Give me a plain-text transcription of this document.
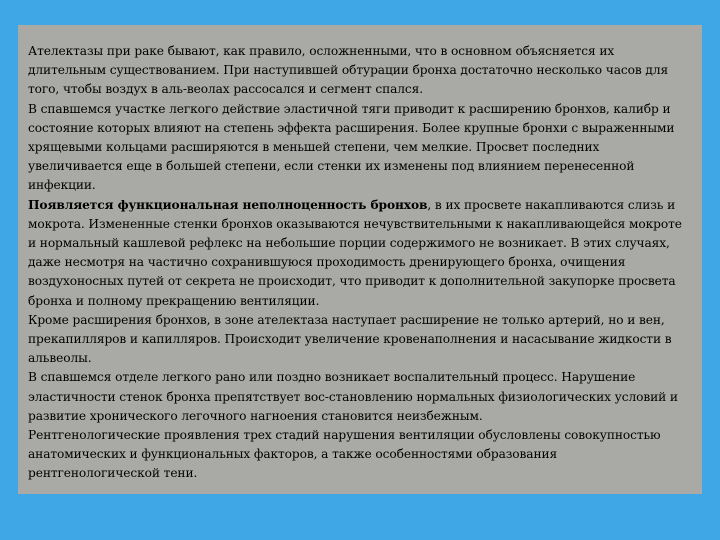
Ателектазы при раке бывают, как правило, осложненными, что в основном объясняется их длительным существованием. При наступившей обтурации бронха достаточно несколько часов для того, чтобы воздух в аль-веолах рассосался и сегмент спался.

В спавшемся участке легкого действие эластичной тяги приводит к расширению бронхов, калибр и состояние которых влияют на степень эффекта расширения. Более крупные бронхи с выраженными хрящевыми кольцами расширяются в меньшей степени, чем мелкие. Просвет последних увеличивается еще в большей степени, если стенки их изменены под влиянием перенесенной инфекции.

Появляется функциональная неполноценность бронхов, в их просвете накапливаются слизь и мокрота. Измененные стенки бронхов оказываются нечувствительными к накапливающейся мокроте и нормальный кашлевой рефлекс на небольшие порции содержимого не возникает. В этих случаях, даже несмотря на частично сохранившуюся проходимость дренирующего бронха, очищения воздухоносных путей от секрета не происходит, что приводит к дополнительной закупорке просвета бронха и полному прекращению вентиляции.

Кроме расширения бронхов, в зоне ателектаза наступает расширение не только артерий, но и вен, прекапилляров и капилляров. Происходит увеличение кровенаполнения и насасывание жидкости в альвеолы.

В спавшемся отделе легкого рано или поздно возникает воспалительный процесс. Нарушение эластичности стенок бронха препятствует вос-становлению нормальных физиологических условий и развитие хронического легочного нагноения становится неизбежным.

Рентгенологические проявления трех стадий нарушения вентиляции обусловлены совокупностью анатомических и функциональных факторов, а также особенностями образования рентгенологической тени.
